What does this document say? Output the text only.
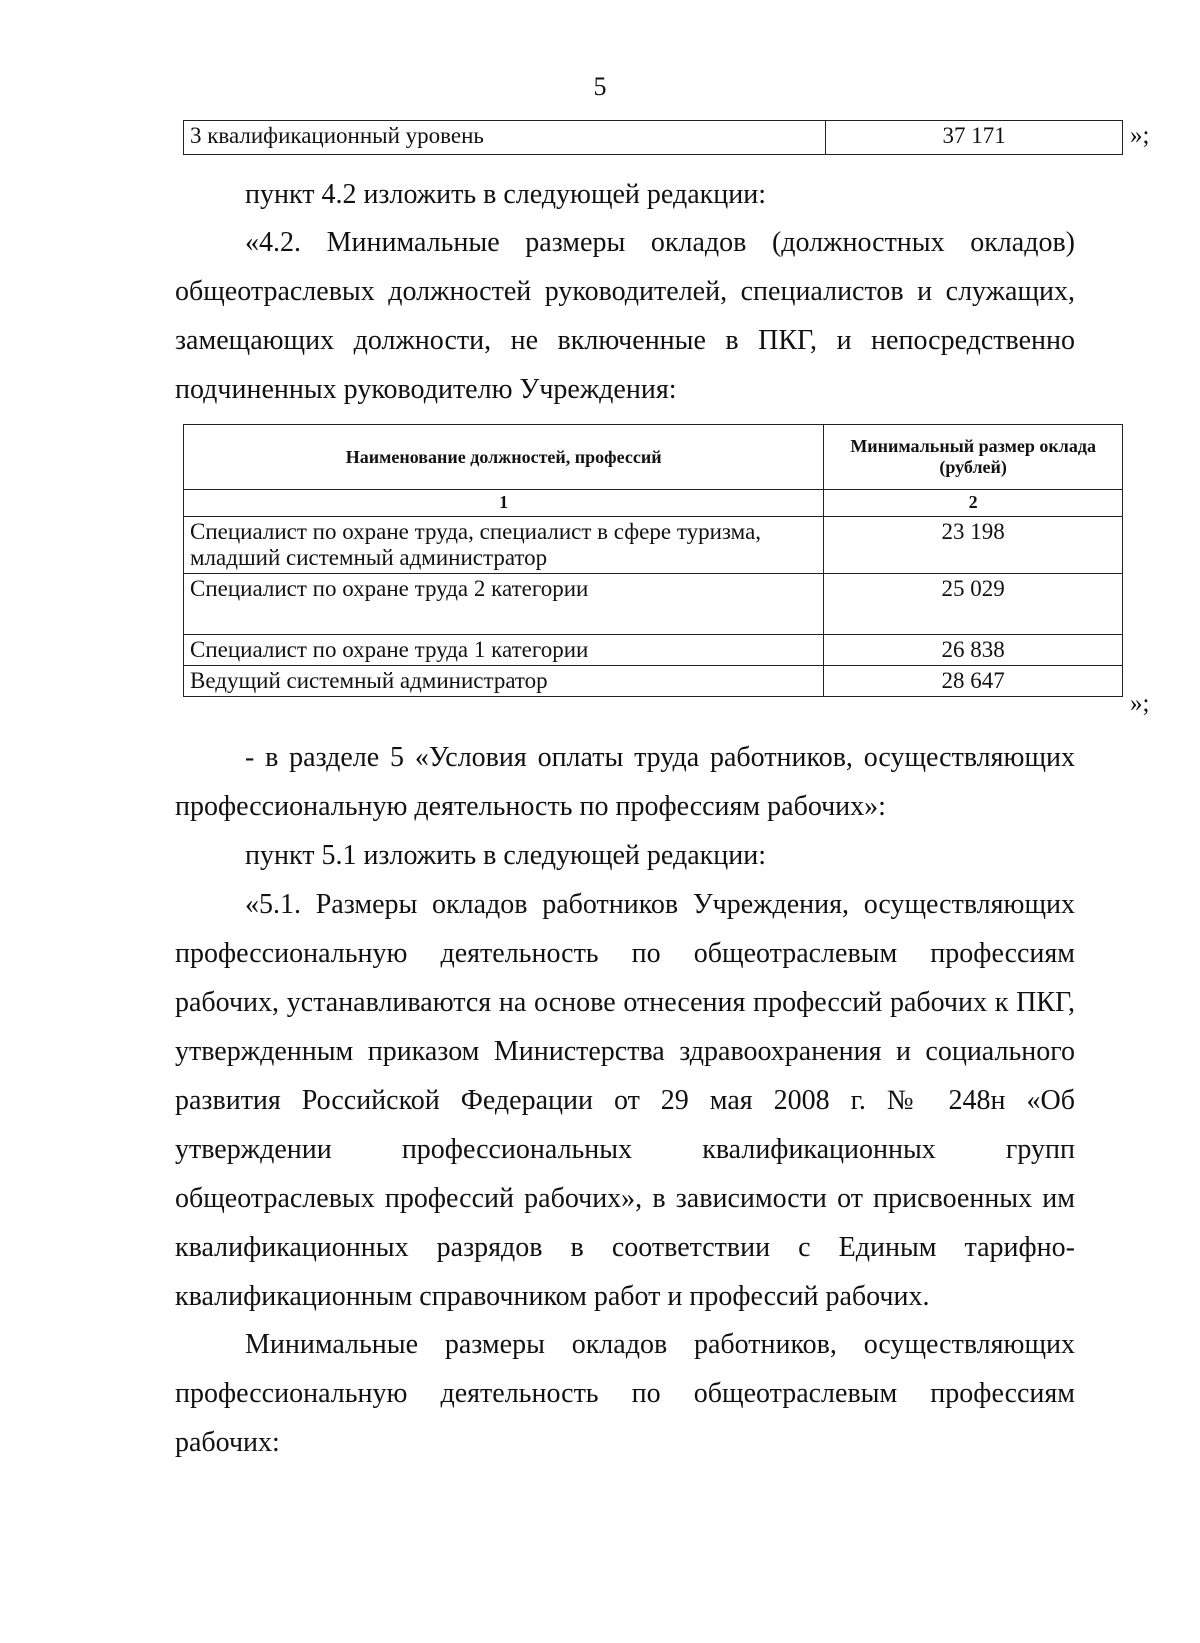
5
3 квалификационный уровень	37 171	»;

пункт 4.2 изложить в следующей редакции:

«4.2. Минимальные размеры окладов (должностных окладов)
общеотраслевых должностей руководителей, специалистов и служащих,
замещающих должности, не включенные в ПКГ, и непосредственно
подчиненных руководителю Учреждения:
Наименование должностей, профессий	Минимальный размер оклада (рублей)
1	2
Специалист по охране труда, специалист в сфере туризма, младший системный администратор	23 198
Специалист по охране труда 2 категории	25 029
Специалист по охране труда 1 категории	26 838
Ведущий системный администратор	28 647
»;
- в разделе 5 «Условия оплаты труда работников, осуществляющих
профессиональную деятельность по профессиям рабочих»:

пункт 5.1 изложить в следующей редакции:

«5.1. Размеры окладов работников Учреждения, осуществляющих
профессиональную деятельность по общеотраслевым профессиям
рабочих, устанавливаются на основе отнесения профессий рабочих к ПКГ,
утвержденным приказом Министерства здравоохранения и социального
развития Российской Федерации от 29 мая 2008 г. № 248н «Об
утверждении профессиональных квалификационных групп
общеотраслевых профессий рабочих», в зависимости от присвоенных им
квалификационных разрядов в соответствии с Единым тарифно-
квалификационным справочником работ и профессий рабочих.
Минимальные размеры окладов работников, осуществляющих
профессиональную деятельность по общеотраслевым профессиям
рабочих:
